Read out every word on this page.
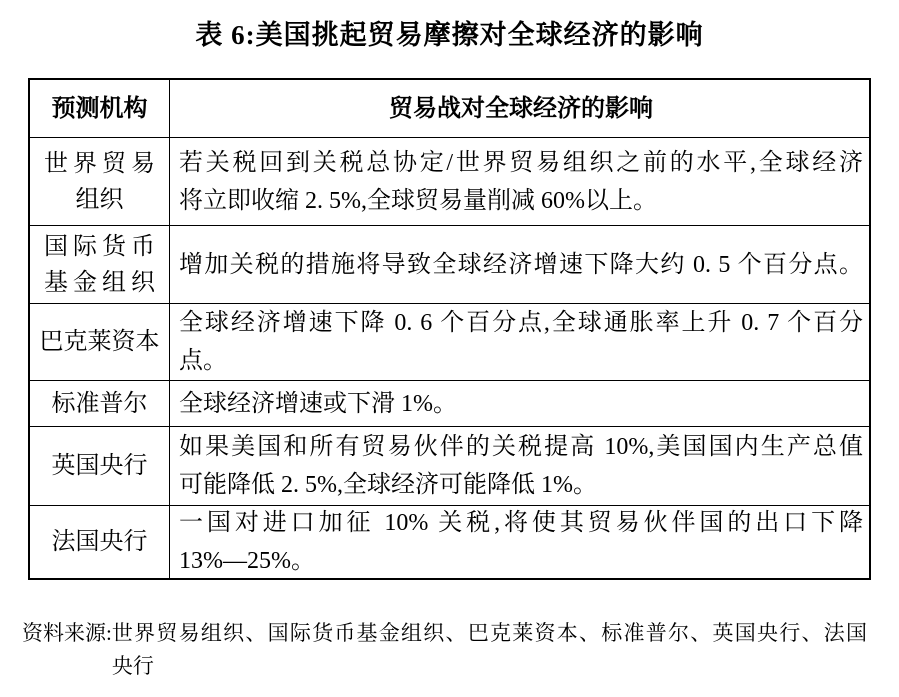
表 6:美国挑起贸易摩擦对全球经济的影响
预测机构	贸易战对全球经济的影响
世界贸易
组织
若关税回到关税总协定/世界贸易组织之前的水平,全球经济
将立即收缩 2. 5%,全球贸易量削减 60%以上。
国际货币
基金组织
增加关税的措施将导致全球经济增速下降大约 0. 5 个百分点。
巴克莱资本
全球经济增速下降 0. 6 个百分点,全球通胀率上升 0. 7 个百分
点。
标准普尔	全球经济增速或下滑 1%。
英国央行
如果美国和所有贸易伙伴的关税提高 10%,美国国内生产总值
可能降低 2. 5%,全球经济可能降低 1%。
法国央行
一国对进口加征 10% 关税,将使其贸易伙伴国的出口下降
13%—25%。
资料来源: 世界贸易组织、国际货币基金组织、巴克莱资本、标准普尔、英国央行、法国
央行
